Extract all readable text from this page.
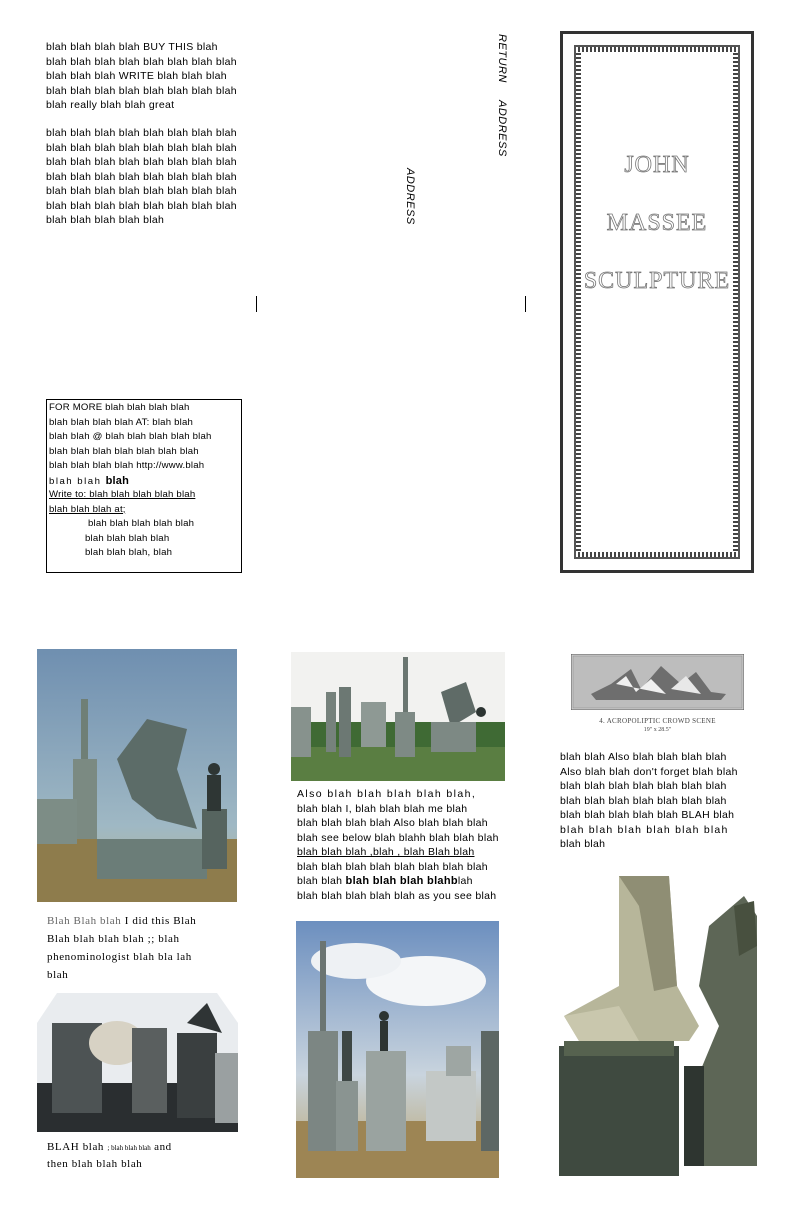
blah blah blah blah BUY THIS blah
blah blah blah blah blah blah blah blah
blah blah blah WRITE blah blah blah
blah blah blah blah blah blah blah blah
blah really blah blah great
blah blah blah blah blah blah blah blah
blah blah blah blah blah blah blah blah
blah blah blah blah blah blah blah blah
blah blah blah blah blah blah blah blah
blah blah blah blah blah blah blah blah
blah blah blah blah blah blah blah blah
blah blah blah blah blah	ADDRESS
RETURN ADDRESS
FOR MORE blah blah blah blah
blah blah blah blah AT: blah blah
blah blah @ blah blah blah blah blah
blah blah blah blah blah blah blah
blah blah blah blah http://www.blah
blah blah blah
Write to: blah blah blah blah blah
blah blah blah at;
blah blah blah blah blah
blah blah blah blah
blah blah blah, blah
JOHN
MASSEE
SCULPTURE
Blah Blah blah I did this Blah
Blah blah blah blah ;; blah
phenominologist blah bla lah
blah
BLAH blah ; blah blah blah and
then blah blah blah
Also blah blah blah blah blah,
blah blah I, blah blah blah me blah
blah blah blah blah Also blah blah blah
blah see below blah blahh blah blah blah
blah blah blah ,blah , blah Blah blah
blah blah blah blah blah blah blah blah
blah blah blah blah blah blahblah
blah blah blah blah blah as you see blah
4. ACROPOLIPTIC CROWD SCENE
19" x 28.5"
blah blah Also blah blah blah blah
Also blah blah don't forget blah blah
blah blah blah blah blah blah blah
blah blah blah blah blah blah blah
blah blah blah blah blah BLAH blah
blah blah blah blah blah blah
blah blah
